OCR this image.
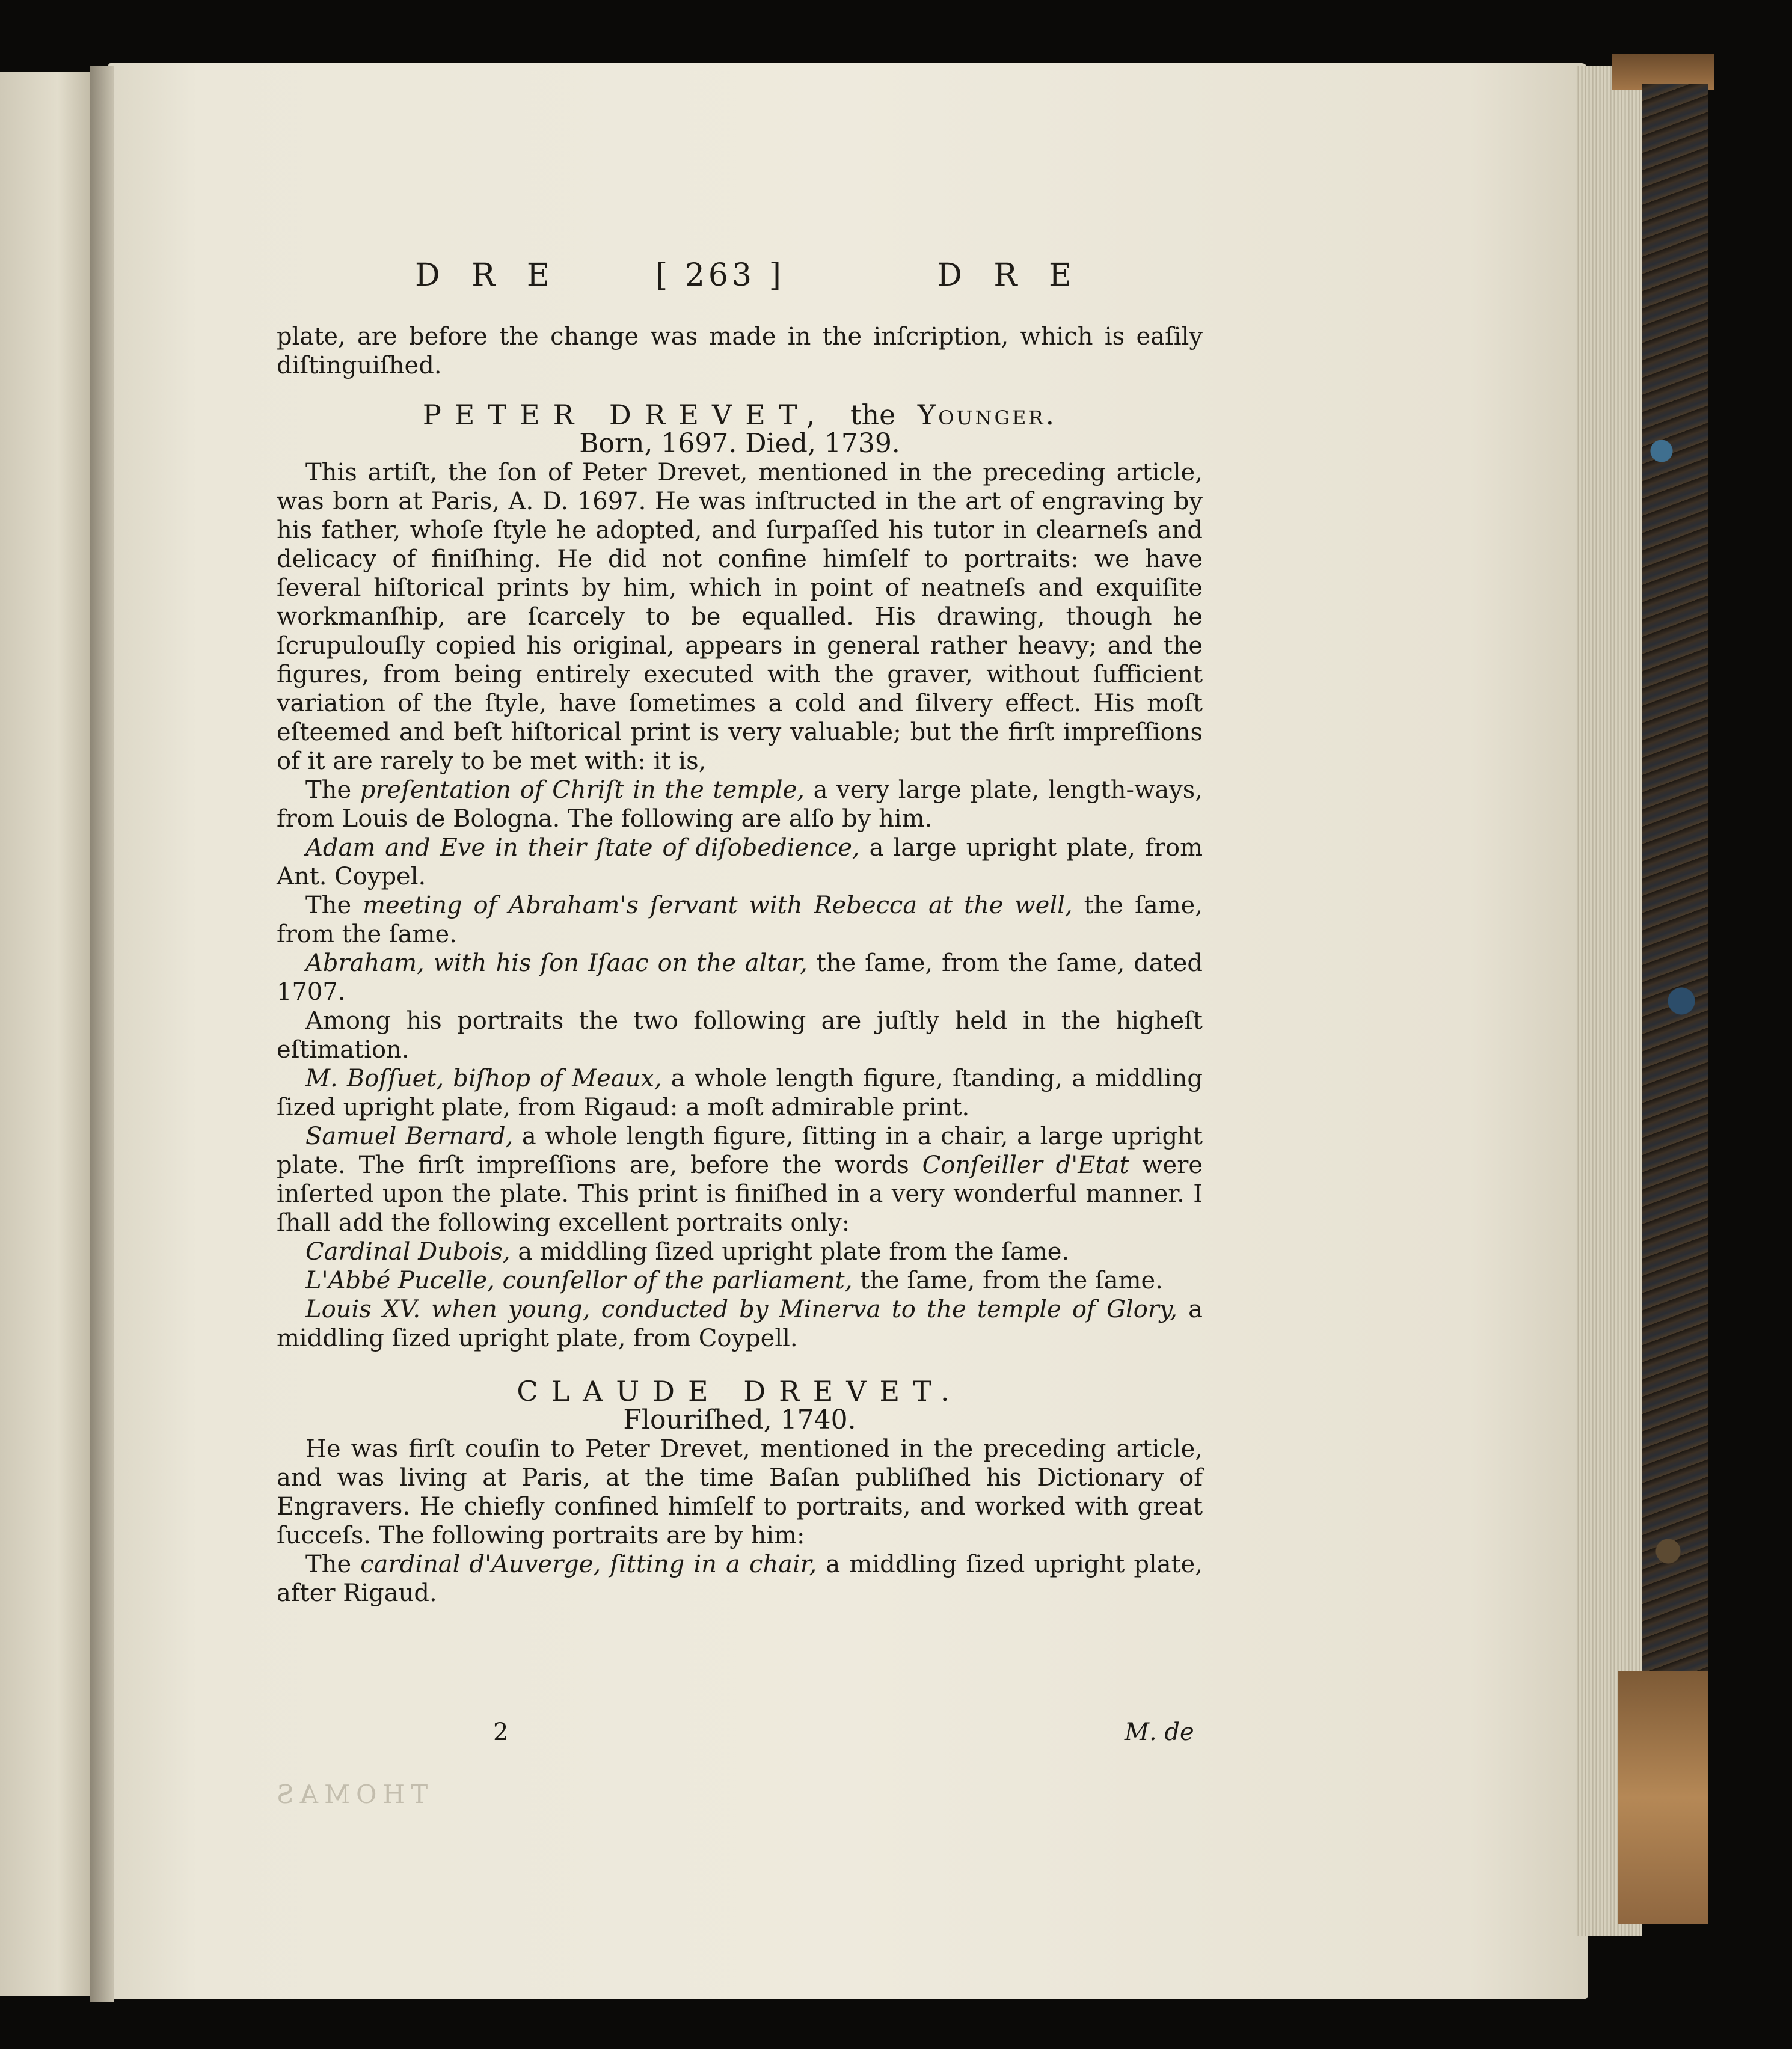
D R E	[ 263 ]	D R E

plate, are before the change was made in the inſcription, which is eaſily diſtinguiſhed.

PETER DREVET, the Younger.

Born, 1697. Died, 1739.

This artiſt, the ſon of Peter Drevet, mentioned in the preceding article, was born at Paris, A. D. 1697. He was inſtructed in the art of engraving by his father, whoſe ſtyle he adopted, and ſurpaſſed his tutor in clearneſs and delicacy of finiſhing. He did not confine himſelf to portraits: we have ſeveral hiſtorical prints by him, which in point of neatneſs and exquiſite workmanſhip, are ſcarcely to be equalled. His drawing, though he ſcrupulouſly copied his original, appears in general rather heavy; and the figures, from being entirely executed with the graver, without ſufficient variation of the ſtyle, have ſometimes a cold and ſilvery effect. His moſt eſteemed and beſt hiſtorical print is very valuable; but the firſt impreſſions of it are rarely to be met with: it is,

The preſentation of Chriſt in the temple, a very large plate, length-ways, from Louis de Bologna. The following are alſo by him.

Adam and Eve in their ſtate of diſobedience, a large upright plate, from Ant. Coypel.

The meeting of Abraham's ſervant with Rebecca at the well, the ſame, from the ſame.

Abraham, with his ſon Iſaac on the altar, the ſame, from the ſame, dated 1707.

Among his portraits the two following are juſtly held in the higheſt eſtimation.

M. Boſſuet, biſhop of Meaux, a whole length figure, ſtanding, a middling ſized upright plate, from Rigaud: a moſt admirable print.

Samuel Bernard, a whole length figure, ſitting in a chair, a large upright plate. The firſt impreſſions are, before the words Conſeiller d'Etat were inſerted upon the plate. This print is finiſhed in a very wonderful manner. I ſhall add the following excellent portraits only:

Cardinal Dubois, a middling ſized upright plate from the ſame.

L'Abbé Pucelle, counſellor of the parliament, the ſame, from the ſame.

Louis XV. when young, conducted by Minerva to the temple of Glory, a middling ſized upright plate, from Coypell.

CLAUDE DREVET.

Flouriſhed, 1740.

He was firſt couſin to Peter Drevet, mentioned in the preceding article, and was living at Paris, at the time Baſan publiſhed his Dictionary of Engravers. He chiefly confined himſelf to portraits, and worked with great ſucceſs. The following portraits are by him:

The cardinal d'Auverge, ſitting in a chair, a middling ſized upright plate, after Rigaud.

2	M. de
THOMAS
